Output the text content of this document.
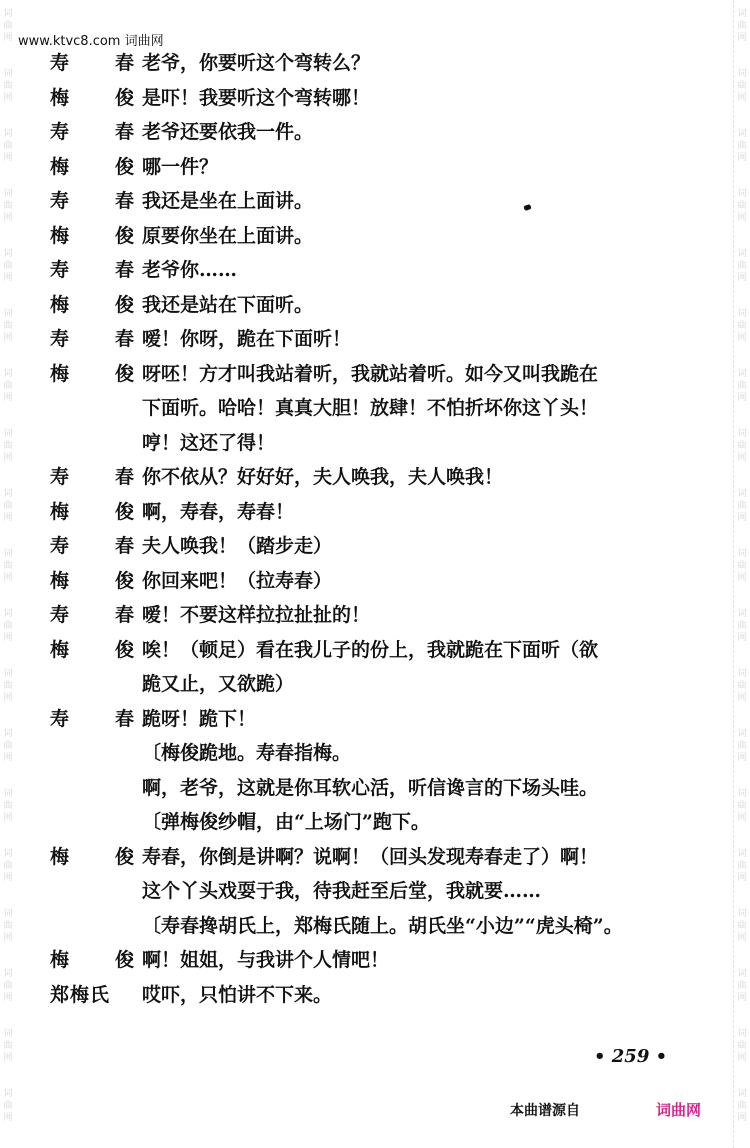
www.ktvc8.com 词曲网
词
曲
网
词
曲
网
词
曲
网
词
曲
网
词
曲
网
词
曲
网
词
曲
网
词
曲
网
词
曲
网
词
曲
网
词
曲
网
词
曲
网
词
曲
网
词
曲
网
词
曲
网
词
曲
网
词
曲
网
词
曲
网
词
曲
网
词
曲
网
词
曲
网
词
曲
网
词
曲
网
词
曲
网
词
曲
网
词
曲
网
词
曲
网
词
曲
网
词
曲
网
词
曲
网
词
曲
网
词
曲
网
词
曲
网
词
曲
网
词
曲
网
词
曲
网
词
曲
网
词
曲
网
寿 春 老爷，你要听这个弯转么？
梅 俊 是吓！我要听这个弯转哪！
寿 春 老爷还要依我一件。
梅 俊 哪一件？
寿 春 我还是坐在上面讲。
梅 俊 原要你坐在上面讲。
寿 春 老爷你……
梅 俊 我还是站在下面听。
寿 春 嗳！你呀，跪在下面听！
梅 俊 呀呸！方才叫我站着听，我就站着听。如今又叫我跪在
下面听。哈哈！真真大胆！放肆！不怕折坏你这丫头！
哼！这还了得！
寿 春 你不依从？好好好，夫人唤我，夫人唤我！
梅 俊 啊，寿春，寿春！
寿 春 夫人唤我！（踏步走）
梅 俊 你回来吧！（拉寿春）
寿 春 嗳！不要这样拉拉扯扯的！
梅 俊 唉！（顿足）看在我儿子的份上，我就跪在下面听（欲
跪又止，又欲跪）
寿 春 跪呀！跪下！
〔梅俊跪地。寿春指梅。
啊，老爷，这就是你耳软心活，听信谗言的下场头哇。
〔弹梅俊纱帽，由“上场门”跑下。
梅 俊 寿春，你倒是讲啊？说啊！（回头发现寿春走了）啊！
这个丫头戏耍于我，待我赶至后堂，我就要……
〔寿春搀胡氏上，郑梅氏随上。胡氏坐“小边”“虎头椅”。
梅 俊 啊！姐姐，与我讲个人情吧！
郑梅氏	哎吓，只怕讲不下来。
• 259 •
本曲谱源自	词曲网
